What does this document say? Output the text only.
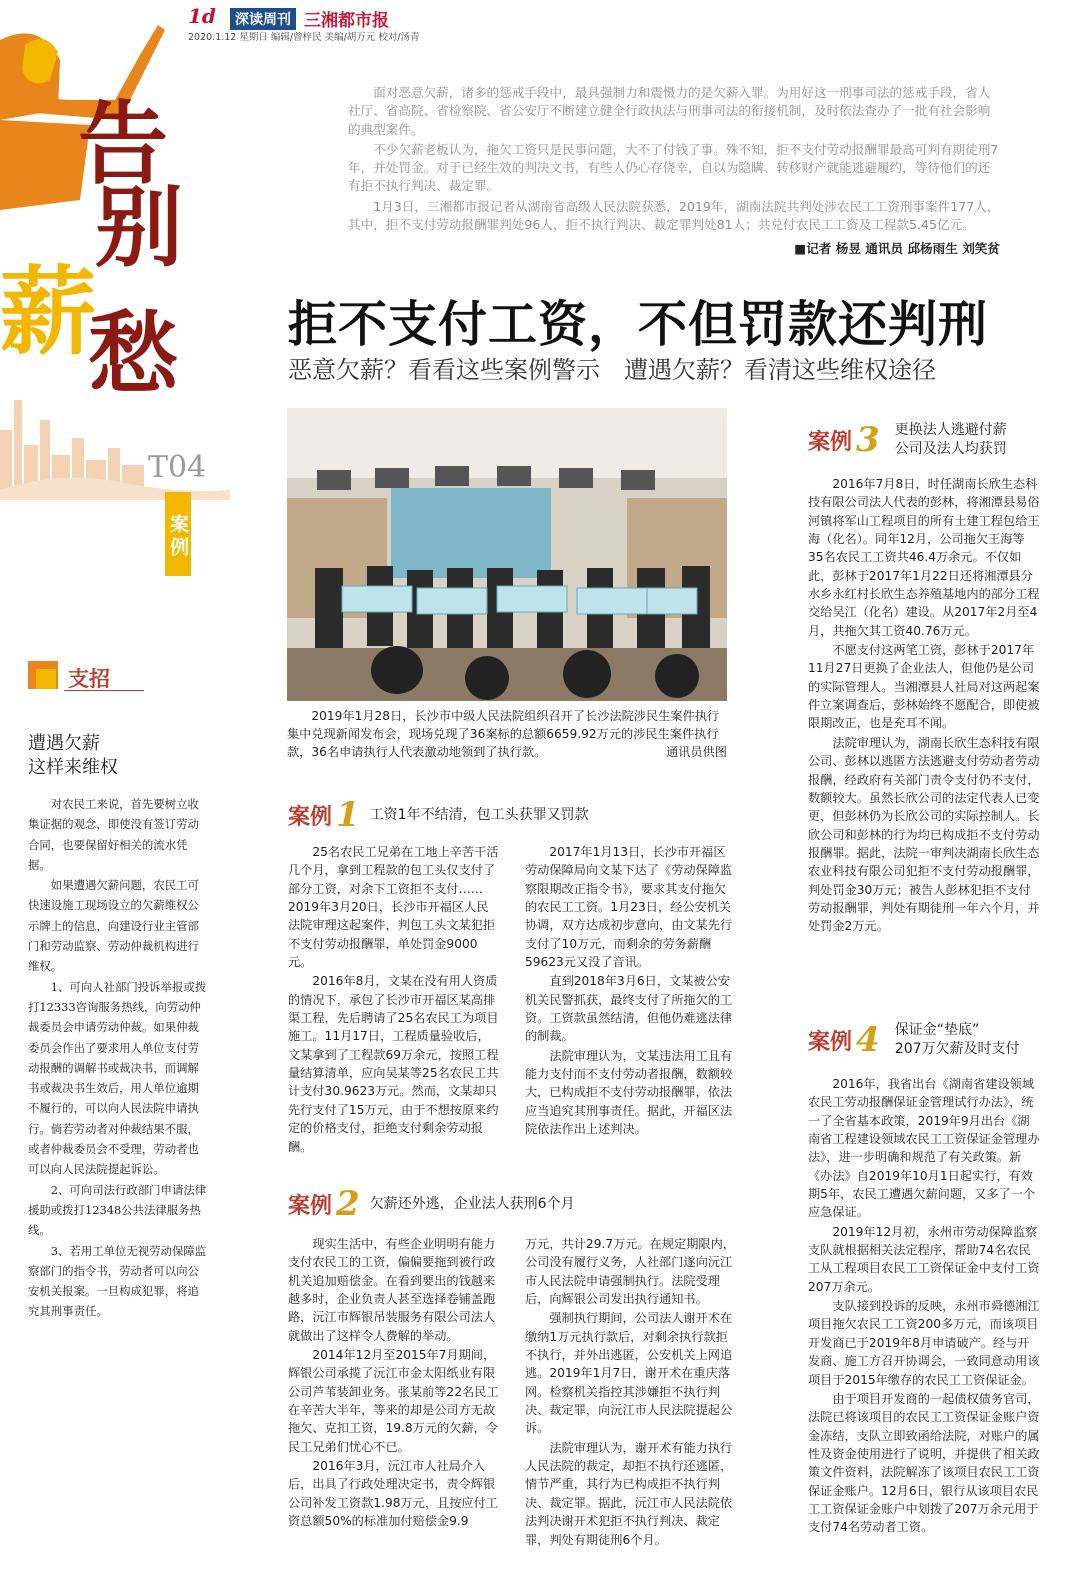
1d	深读周刊 三湘都市报
2020.1.12 星期日 编辑/曾梓民 美编/胡万元 校对/汤青
告
别
薪
愁
T04
案例
支招
遭遇欠薪
这样来维权

对农民工来说，首先要树立收集证据的观念，即使没有签订劳动合同，也要保留好相关的流水凭据。

如果遭遇欠薪问题，农民工可快速设施工现场设立的欠薪维权公示牌上的信息，向建设行业主管部门和劳动监察、劳动仲裁机构进行维权。

1、可向人社部门投诉举报或拨打12333咨询服务热线，向劳动仲裁委员会申请劳动仲裁。如果仲裁委员会作出了要求用人单位支付劳动报酬的调解书或裁决书，而调解书或裁决书生效后，用人单位逾期不履行的，可以向人民法院申请执行。倘若劳动者对仲裁结果不服，或者仲裁委员会不受理，劳动者也可以向人民法院提起诉讼。

2、可向司法行政部门申请法律援助或拨打12348公共法律服务热线。

3、若用工单位无视劳动保障监察部门的指令书，劳动者可以向公安机关报案。一旦构成犯罪，将追究其刑事责任。

面对恶意欠薪，诸多的惩戒手段中，最具强制力和震慑力的是欠薪入罪。为用好这一刑事司法的惩戒手段，省人社厅、省高院、省检察院、省公安厅不断建立健全行政执法与刑事司法的衔接机制，及时依法查办了一批有社会影响的典型案件。

不少欠薪老板认为，拖欠工资只是民事问题，大不了付钱了事。殊不知，拒不支付劳动报酬罪最高可判有期徒刑7年，并处罚金。对于已经生效的判决文书，有些人仍心存侥幸，自以为隐瞒、转移财产就能逃避履约，等待他们的还有拒不执行判决、裁定罪。

1月3日，三湘都市报记者从湖南省高级人民法院获悉，2019年，湖南法院共判处涉农民工工资刑事案件177人，其中，拒不支付劳动报酬罪判处96人，拒不执行判决、裁定罪判处81人；共兑付农民工工资及工程款5.45亿元。

■记者 杨昱 通讯员 邱杨雨生 刘笑贫
拒不支付工资，不但罚款还判刑
恶意欠薪？看看这些案例警示　遭遇欠薪？看清这些维权途径
2019年1月28日，长沙市中级人民法院组织召开了长沙法院涉民生案件执行集中兑现新闻发布会，现场兑现了36案标的总额6659.92万元的涉民生案件执行款，36名申请执行人代表激动地领到了执行款。	通讯员供图
案例 1 工资1年不结清，包工头获罪又罚款

25名农民工兄弟在工地上辛苦干活几个月，拿到工程款的包工头仅支付了部分工资，对余下工资拒不支付……2019年3月20日，长沙市开福区人民法院审理这起案件，判包工头文某犯拒不支付劳动报酬罪，单处罚金9000元。

2016年8月，文某在没有用人资质的情况下，承包了长沙市开福区某高排渠工程，先后聘请了25名农民工为项目施工。11月17日，工程质量验收后，文某拿到了工程款69万余元，按照工程量结算清单，应向吴某等25名农民工共计支付30.9623万元。然而，文某却只先行支付了15万元，由于不想按原来约定的价格支付，拒绝支付剩余劳动报酬。

2017年1月13日，长沙市开福区劳动保障局向文某下达了《劳动保障监察限期改正指令书》，要求其支付拖欠的农民工工资。1月23日，经公安机关协调，双方达成初步意向，由文某先行支付了10万元，而剩余的劳务薪酬59623元又没了音讯。

直到2018年3月6日，文某被公安机关民警抓获，最终支付了所拖欠的工资。工资款虽然结清，但他仍难逃法律的制裁。

法院审理认为，文某违法用工且有能力支付而不支付劳动者报酬，数额较大，已构成拒不支付劳动报酬罪，依法应当追究其刑事责任。据此，开福区法院依法作出上述判决。

案例 2 欠薪还外逃，企业法人获刑6个月

现实生活中，有些企业明明有能力支付农民工的工资，偏偏要拖到被行政机关追加赔偿金。在看到要出的钱越来越多时，企业负责人甚至选择卷铺盖跑路，沅江市辉银吊装服务有限公司法人就做出了这样令人费解的举动。

2014年12月至2015年7月期间，辉银公司承揽了沅江市金太阳纸业有限公司芦苇装卸业务。张某前等22名民工在辛苦大半年，等来的却是公司方无故拖欠、克扣工资，19.8万元的欠薪，令民工兄弟们忧心不已。

2016年3月，沅江市人社局介入后，出具了行政处理决定书，责令辉银公司补发工资款1.98万元，且按应付工资总额50%的标准加付赔偿金9.9

万元，共计29.7万元。在规定期限内，公司没有履行义务，人社部门遂向沅江市人民法院申请强制执行。法院受理后，向辉银公司发出执行通知书。

强制执行期间，公司法人谢开术在缴纳1万元执行款后，对剩余执行款拒不执行，并外出逃匿，公安机关上网追逃。2019年1月7日，谢开术在重庆落网。检察机关指控其涉嫌拒不执行判决、裁定罪，向沅江市人民法院提起公诉。

法院审理认为，谢开术有能力执行人民法院的裁定，却拒不执行还逃匿，情节严重，其行为已构成拒不执行判决、裁定罪。据此，沅江市人民法院依法判决谢开术犯拒不执行判决、裁定罪，判处有期徒刑6个月。

案例 3 更换法人逃避付薪
公司及法人均获罚

2016年7月8日，时任湖南长欣生态科技有限公司法人代表的彭林，将湘潭县易俗河镇将军山工程项目的所有土建工程包给王海（化名）。同年12月，公司拖欠王海等35名农民工工资共46.4万余元。不仅如此，彭林于2017年1月22日还将湘潭县分水乡永红村长欣生态养殖基地内的部分工程交给吴江（化名）建设。从2017年2月至4月，共拖欠其工资40.76万元。

不愿支付这两笔工资，彭林于2017年11月27日更换了企业法人，但他仍是公司的实际管理人。当湘潭县人社局对这两起案件立案调查后，彭林始终不愿配合，即使被限期改正，也是充耳不闻。

法院审理认为，湖南长欣生态科技有限公司、彭林以逃匿方法逃避支付劳动者劳动报酬，经政府有关部门责令支付仍不支付，数额较大。虽然长欣公司的法定代表人已变更，但彭林仍为长欣公司的实际控制人。长欣公司和彭林的行为均已构成拒不支付劳动报酬罪。据此，法院一审判决湖南长欣生态农业科技有限公司犯拒不支付劳动报酬罪，判处罚金30万元；被告人彭林犯拒不支付劳动报酬罪，判处有期徒刑一年六个月，并处罚金2万元。

案例 4 保证金“垫底”
207万欠薪及时支付

2016年，我省出台《湖南省建设领域农民工劳动报酬保证金管理试行办法》，统一了全省基本政策，2019年9月出台《湖南省工程建设领域农民工工资保证金管理办法》，进一步明确和规范了有关政策。新《办法》自2019年10月1日起实行，有效期5年，农民工遭遇欠薪问题，又多了一个应急保证。

2019年12月初，永州市劳动保障监察支队就根据相关法定程序，帮助74名农民工从工程项目农民工工资保证金中支付工资207万余元。

支队接到投诉的反映，永州市舜德湘江项目拖欠农民工工资200多万元，而该项目开发商已于2019年8月申请破产。经与开发商、施工方召开协调会，一致同意动用该项目于2015年缴存的农民工工资保证金。

由于项目开发商的一起债权债务官司，法院已将该项目的农民工工资保证金账户资金冻结，支队立即致函给法院，对账户的属性及资金使用进行了说明，并提供了相关政策文件资料，法院解冻了该项目农民工工资保证金账户。12月6日，银行从该项目农民工工资保证金账户中划拨了207万余元用于支付74名劳动者工资。
